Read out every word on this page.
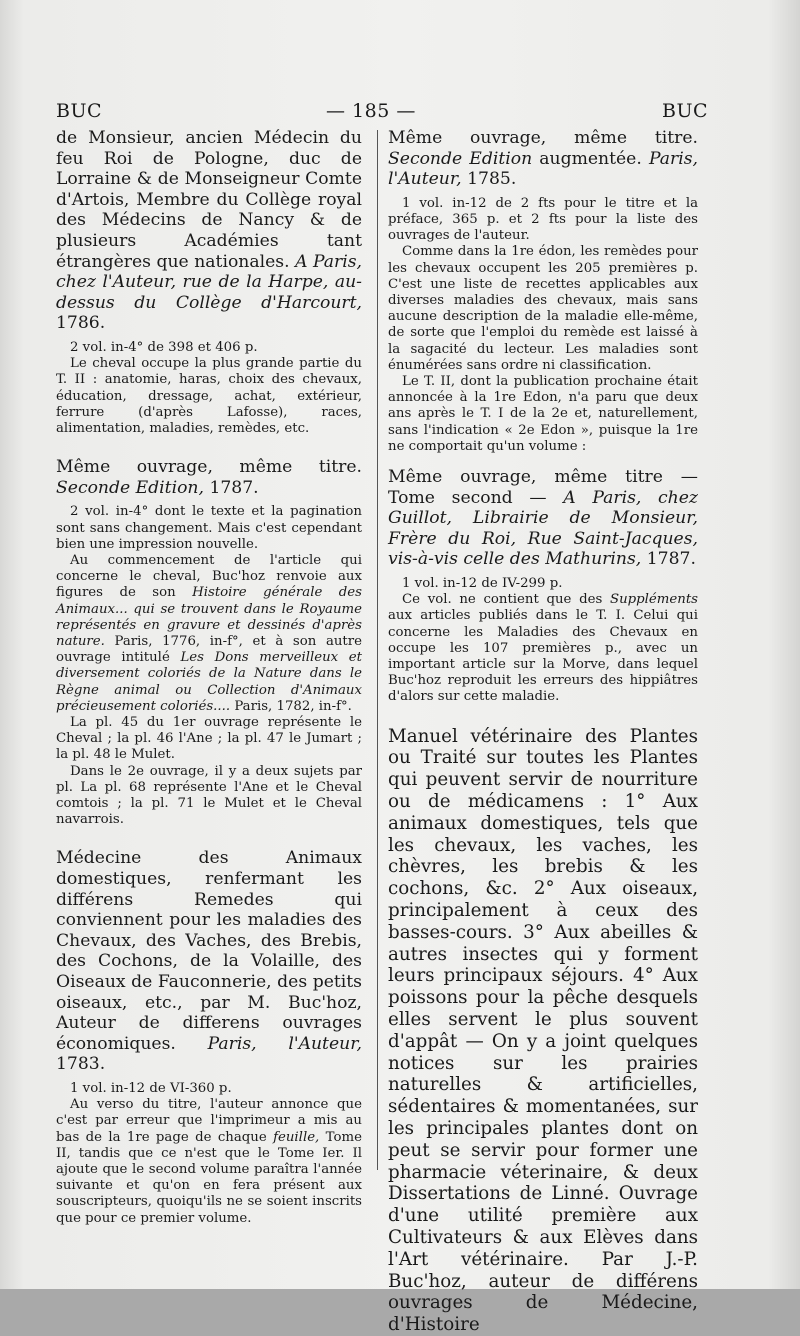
BUC	— 185 —	BUC

de Monsieur, ancien Médecin du feu Roi de Pologne, duc de Lorraine & de Monseigneur Comte d'Artois, Membre du Collège royal des Médecins de Nancy & de plusieurs Académies tant étrangères que nationales. A Paris, chez l'Auteur, rue de la Harpe, au-dessus du Collège d'Harcourt, 1786.

2 vol. in-4° de 398 et 406 p.

Le cheval occupe la plus grande partie du T. II : anatomie, haras, choix des chevaux, éducation, dressage, achat, extérieur, ferrure (d'après Lafosse), races, alimentation, maladies, remèdes, etc.

Même ouvrage, même titre. Seconde Edition, 1787.

2 vol. in-4° dont le texte et la pagination sont sans changement. Mais c'est cependant bien une impression nouvelle.

Au commencement de l'article qui concerne le cheval, Buc'hoz renvoie aux figures de son Histoire générale des Animaux... qui se trouvent dans le Royaume représentés en gravure et dessinés d'après nature. Paris, 1776, in-f°, et à son autre ouvrage intitulé Les Dons merveilleux et diversement coloriés de la Nature dans le Règne animal ou Collection d'Animaux précieusement coloriés.... Paris, 1782, in-f°.

La pl. 45 du 1er ouvrage représente le Cheval ; la pl. 46 l'Ane ; la pl. 47 le Jumart ; la pl. 48 le Mulet.

Dans le 2e ouvrage, il y a deux sujets par pl. La pl. 68 représente l'Ane et le Cheval comtois ; la pl. 71 le Mulet et le Cheval navarrois.

Médecine des Animaux domestiques, renfermant les différens Remedes qui conviennent pour les maladies des Chevaux, des Vaches, des Brebis, des Cochons, de la Volaille, des Oiseaux de Fauconnerie, des petits oiseaux, etc., par M. Buc'hoz, Auteur de differens ouvrages économiques. Paris, l'Auteur, 1783.

1 vol. in-12 de VI-360 p.

Au verso du titre, l'auteur annonce que c'est par erreur que l'imprimeur a mis au bas de la 1re page de chaque feuille, Tome II, tandis que ce n'est que le Tome Ier. Il ajoute que le second volume paraîtra l'année suivante et qu'on en fera présent aux souscripteurs, quoiqu'ils ne se soient inscrits que pour ce premier volume.

Même ouvrage, même titre. Seconde Edition augmentée. Paris, l'Auteur, 1785.

1 vol. in-12 de 2 fts pour le titre et la préface, 365 p. et 2 fts pour la liste des ouvrages de l'auteur.

Comme dans la 1re édon, les remèdes pour les chevaux occupent les 205 premières p. C'est une liste de recettes applicables aux diverses maladies des chevaux, mais sans aucune description de la maladie elle-même, de sorte que l'emploi du remède est laissé à la sagacité du lecteur. Les maladies sont énumérées sans ordre ni classification.

Le T. II, dont la publication prochaine était annoncée à la 1re Edon, n'a paru que deux ans après le T. I de la 2e et, naturellement, sans l'indication « 2e Edon », puisque la 1re ne comportait qu'un volume :

Même ouvrage, même titre — Tome second — A Paris, chez Guillot, Librairie de Monsieur, Frère du Roi, Rue Saint-Jacques, vis-à-vis celle des Mathurins, 1787.

1 vol. in-12 de IV-299 p.

Ce vol. ne contient que des Suppléments aux articles publiés dans le T. I. Celui qui concerne les Maladies des Chevaux en occupe les 107 premières p., avec un important article sur la Morve, dans lequel Buc'hoz reproduit les erreurs des hippiâtres d'alors sur cette maladie.

Manuel vétérinaire des Plantes ou Traité sur toutes les Plantes qui peuvent servir de nourriture ou de médicamens : 1° Aux animaux domestiques, tels que les chevaux, les vaches, les chèvres, les brebis & les cochons, &c. 2° Aux oiseaux, principalement à ceux des basses-cours. 3° Aux abeilles & autres insectes qui y forment leurs principaux séjours. 4° Aux poissons pour la pêche desquels elles servent le plus souvent d'appât — On y a joint quelques notices sur les prairies naturelles & artificielles, sédentaires & momentanées, sur les principales plantes dont on peut se servir pour former une pharmacie véterinaire, & deux Dissertations de Linné. Ouvrage d'une utilité première aux Cultivateurs & aux Elèves dans l'Art vétérinaire. Par J.-P. Buc'hoz, auteur de différens ouvrages de Médecine, d'Histoire
